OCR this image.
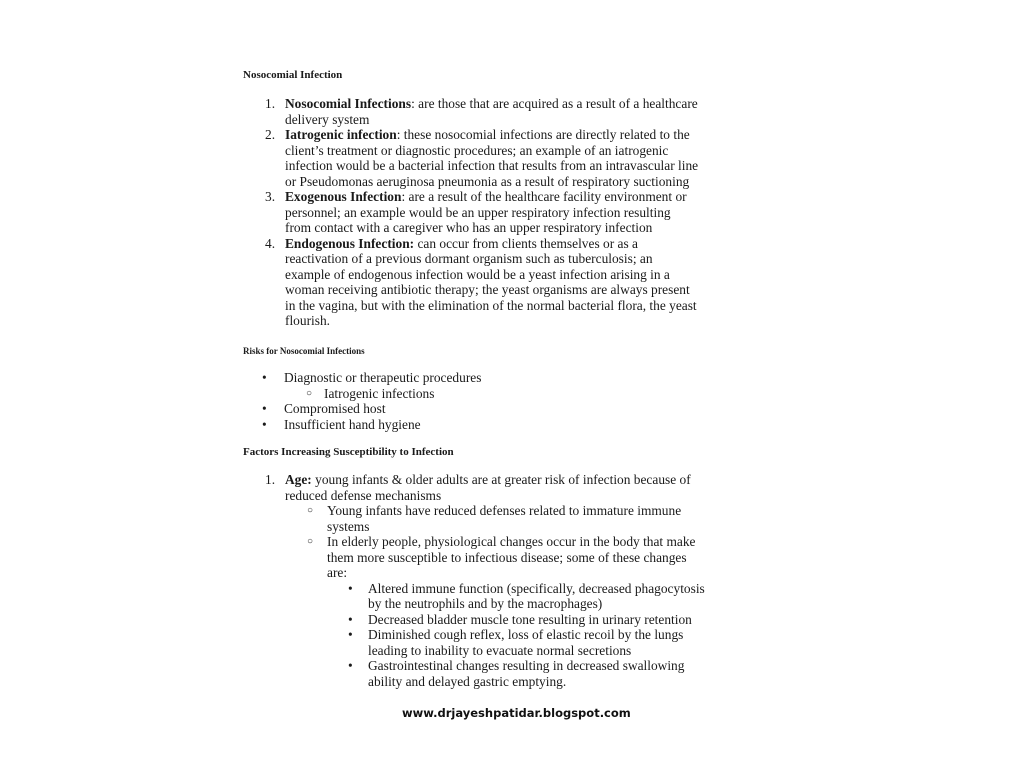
Nosocomial Infection
1. Nosocomial Infections: are those that are acquired as a result of a healthcare
delivery system
2. Iatrogenic infection: these nosocomial infections are directly related to the
client’s treatment or diagnostic procedures; an example of an iatrogenic
infection would be a bacterial infection that results from an intravascular line
or Pseudomonas aeruginosa pneumonia as a result of respiratory suctioning
3. Exogenous Infection: are a result of the healthcare facility environment or
personnel; an example would be an upper respiratory infection resulting
from contact with a caregiver who has an upper respiratory infection
4. Endogenous Infection: can occur from clients themselves or as a
reactivation of a previous dormant organism such as tuberculosis; an
example of endogenous infection would be a yeast infection arising in a
woman receiving antibiotic therapy; the yeast organisms are always present
in the vagina, but with the elimination of the normal bacterial flora, the yeast
flourish.
Risks for Nosocomial Infections
• Diagnostic or therapeutic procedures
○ Iatrogenic infections
• Compromised host
• Insufficient hand hygiene
Factors Increasing Susceptibility to Infection
1. Age: young infants & older adults are at greater risk of infection because of
reduced defense mechanisms
○ Young infants have reduced defenses related to immature immune
systems
○ In elderly people, physiological changes occur in the body that make
them more susceptible to infectious disease; some of these changes
are:
• Altered immune function (specifically, decreased phagocytosis
by the neutrophils and by the macrophages)
• Decreased bladder muscle tone resulting in urinary retention
• Diminished cough reflex, loss of elastic recoil by the lungs
leading to inability to evacuate normal secretions
• Gastrointestinal changes resulting in decreased swallowing
ability and delayed gastric emptying.
www.drjayeshpatidar.blogspot.com
